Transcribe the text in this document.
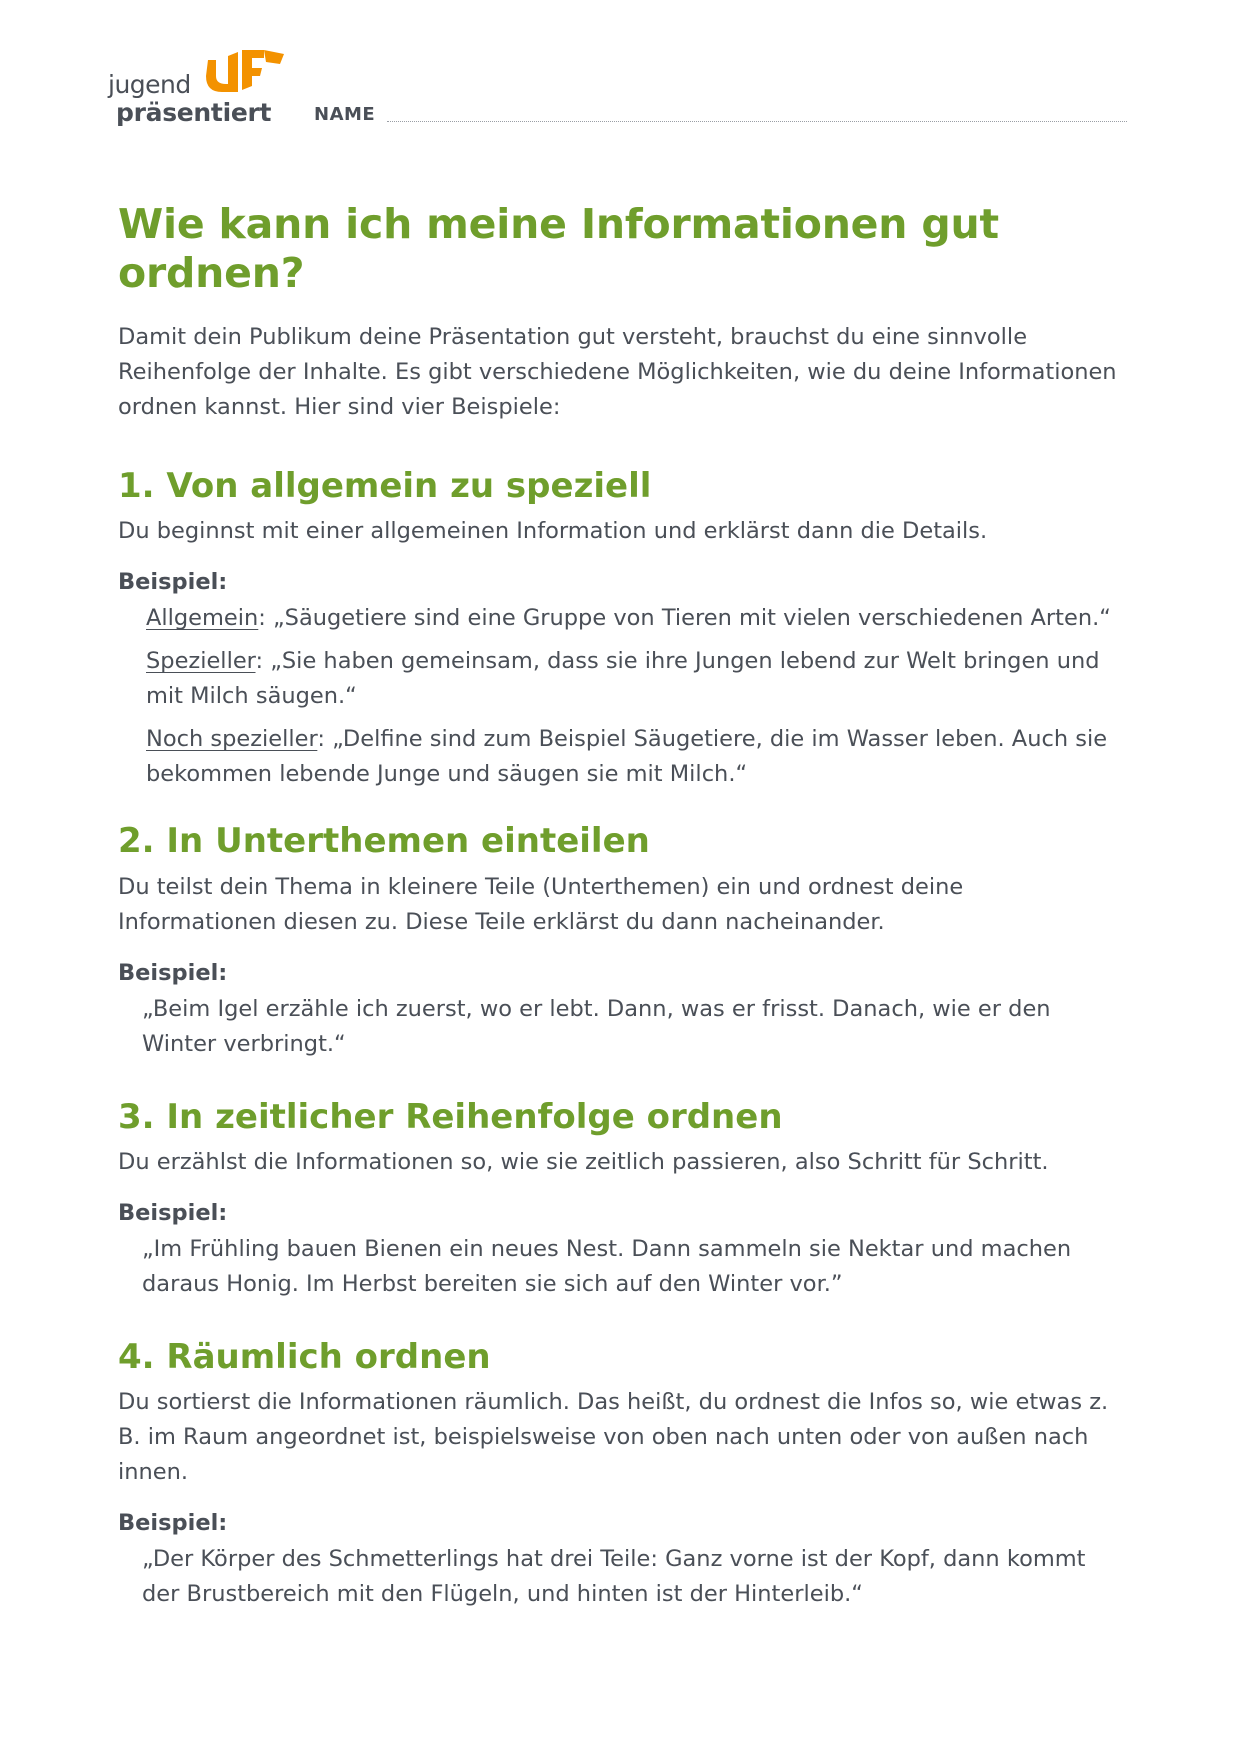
jugend
präsentiert NAME
Wie kann ich meine Informationen gut ordnen?

Damit dein Publikum deine Präsentation gut versteht, brauchst du eine sinnvolle Reihenfolge der Inhalte. Es gibt verschiedene Möglichkeiten, wie du deine Informationen ordnen kannst. Hier sind vier Beispiele:

1. Von allgemein zu speziell

Du beginnst mit einer allgemeinen Information und erklärst dann die Details.

Beispiel:

Allgemein: „Säugetiere sind eine Gruppe von Tieren mit vielen verschiedenen Arten.“

Spezieller: „Sie haben gemeinsam, dass sie ihre Jungen lebend zur Welt bringen und mit Milch säugen.“

Noch spezieller: „Delfine sind zum Beispiel Säugetiere, die im Wasser leben. Auch sie bekommen lebende Junge und säugen sie mit Milch.“

2. In Unterthemen einteilen

Du teilst dein Thema in kleinere Teile (Unterthemen) ein und ordnest deine Informationen diesen zu. Diese Teile erklärst du dann nacheinander.

Beispiel:

„Beim Igel erzähle ich zuerst, wo er lebt. Dann, was er frisst. Danach, wie er den Winter verbringt.“

3. In zeitlicher Reihenfolge ordnen

Du erzählst die Informationen so, wie sie zeitlich passieren, also Schritt für Schritt.

Beispiel:

„Im Frühling bauen Bienen ein neues Nest. Dann sammeln sie Nektar und machen daraus Honig. Im Herbst bereiten sie sich auf den Winter vor.”

4. Räumlich ordnen

Du sortierst die Informationen räumlich. Das heißt, du ordnest die Infos so, wie etwas z. B. im Raum angeordnet ist, beispielsweise von oben nach unten oder von außen nach innen.

Beispiel:

„Der Körper des Schmetterlings hat drei Teile: Ganz vorne ist der Kopf, dann kommt der Brustbereich mit den Flügeln, und hinten ist der Hinterleib.“
